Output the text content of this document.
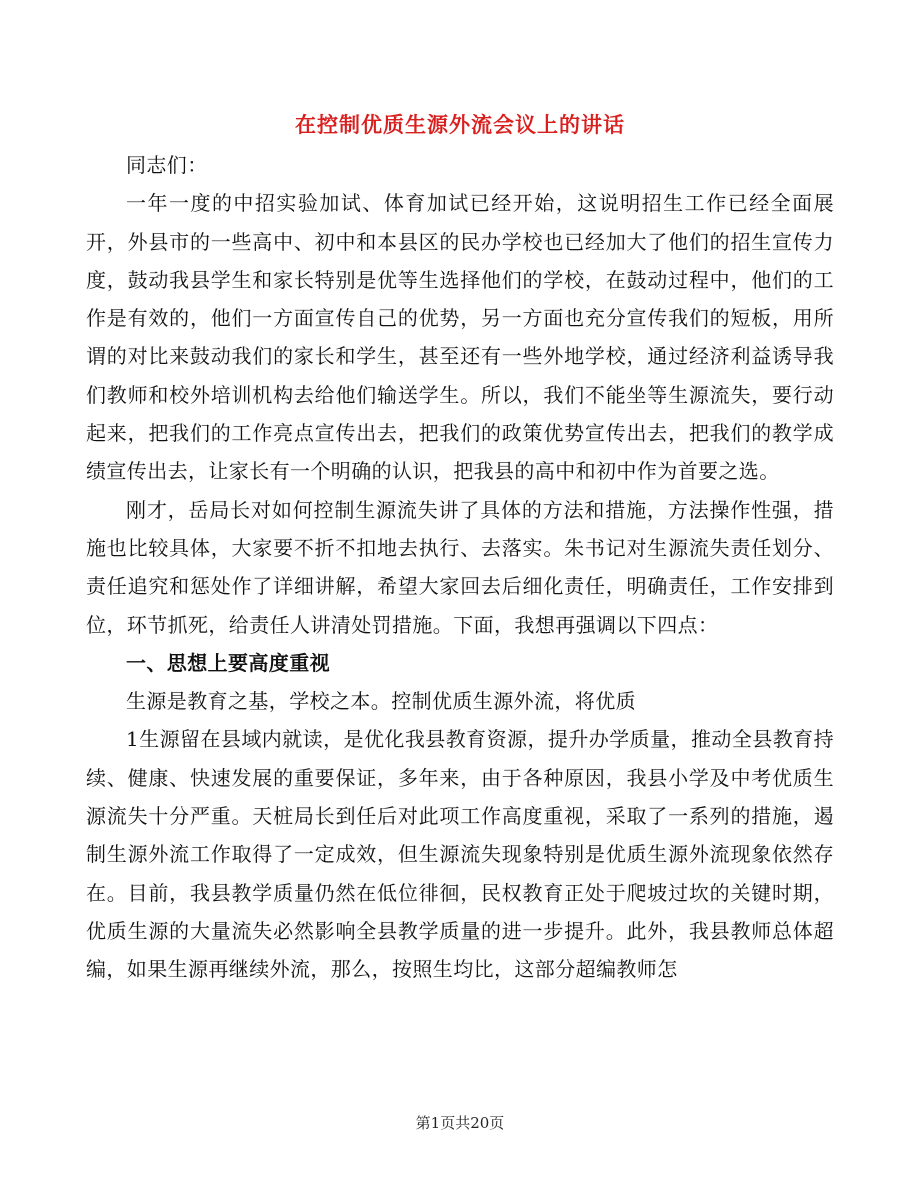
在控制优质生源外流会议上的讲话

同志们：

一年一度的中招实验加试、体育加试已经开始，这说明招生工作已经全面展开，外县市的一些高中、初中和本县区的民办学校也已经加大了他们的招生宣传力度，鼓动我县学生和家长特别是优等生选择他们的学校，在鼓动过程中，他们的工作是有效的，他们一方面宣传自己的优势，另一方面也充分宣传我们的短板，用所谓的对比来鼓动我们的家长和学生，甚至还有一些外地学校，通过经济利益诱导我们教师和校外培训机构去给他们输送学生。所以，我们不能坐等生源流失，要行动起来，把我们的工作亮点宣传出去，把我们的政策优势宣传出去，把我们的教学成绩宣传出去，让家长有一个明确的认识，把我县的高中和初中作为首要之选。

刚才，岳局长对如何控制生源流失讲了具体的方法和措施，方法操作性强，措施也比较具体，大家要不折不扣地去执行、去落实。朱书记对生源流失责任划分、责任追究和惩处作了详细讲解，希望大家回去后细化责任，明确责任，工作安排到位，环节抓死，给责任人讲清处罚措施。下面，我想再强调以下四点：

一、思想上要高度重视

生源是教育之基，学校之本。控制优质生源外流，将优质

1生源留在县域内就读，是优化我县教育资源，提升办学质量，推动全县教育持续、健康、快速发展的重要保证，多年来，由于各种原因，我县小学及中考优质生源流失十分严重。天桩局长到任后对此项工作高度重视，采取了一系列的措施，遏制生源外流工作取得了一定成效，但生源流失现象特别是优质生源外流现象依然存在。目前，我县教学质量仍然在低位徘徊，民权教育正处于爬坡过坎的关键时期，优质生源的大量流失必然影响全县教学质量的进一步提升。此外，我县教师总体超编，如果生源再继续外流，那么，按照生均比，这部分超编教师怎

第1页共20页
